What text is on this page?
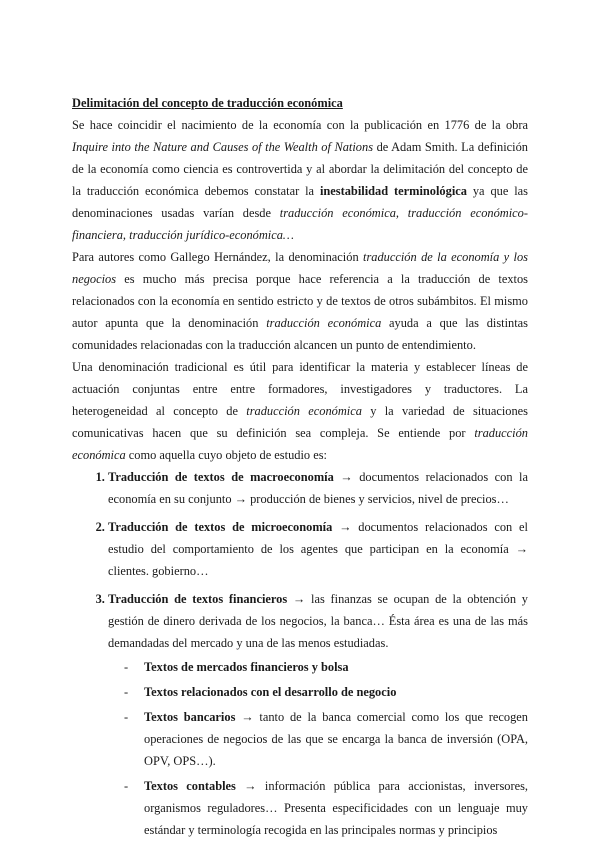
Delimitación del concepto de traducción económica

Se hace coincidir el nacimiento de la economía con la publicación en 1776 de la obra Inquire into the Nature and Causes of the Wealth of Nations de Adam Smith. La definición de la economía como ciencia es controvertida y al abordar la delimitación del concepto de la traducción económica debemos constatar la inestabilidad terminológica ya que las denominaciones usadas varían desde traducción económica, traducción económico-financiera, traducción jurídico-económica…

Para autores como Gallego Hernández, la denominación traducción de la economía y los negocios es mucho más precisa porque hace referencia a la traducción de textos relacionados con la economía en sentido estricto y de textos de otros subámbitos. El mismo autor apunta que la denominación traducción económica ayuda a que las distintas comunidades relacionadas con la traducción alcancen un punto de entendimiento.

Una denominación tradicional es útil para identificar la materia y establecer líneas de actuación conjuntas entre entre formadores, investigadores y traductores. La heterogeneidad al concepto de traducción económica y la variedad de situaciones comunicativas hacen que su definición sea compleja. Se entiende por traducción económica como aquella cuyo objeto de estudio es:

1. Traducción de textos de macroeconomía → documentos relacionados con la economía en su conjunto → producción de bienes y servicios, nivel de precios…
2. Traducción de textos de microeconomía → documentos relacionados con el estudio del comportamiento de los agentes que participan en la economía → clientes. gobierno…
3. Traducción de textos financieros → las finanzas se ocupan de la obtención y gestión de dinero derivada de los negocios, la banca… Ésta área es una de las más demandadas del mercado y una de las menos estudiadas.
- Textos de mercados financieros y bolsa
- Textos relacionados con el desarrollo de negocio
- Textos bancarios → tanto de la banca comercial como los que recogen operaciones de negocios de las que se encarga la banca de inversión (OPA, OPV, OPS…).
- Textos contables → información pública para accionistas, inversores, organismos reguladores… Presenta especificidades con un lenguaje muy estándar y terminología recogida en las principales normas y principios
